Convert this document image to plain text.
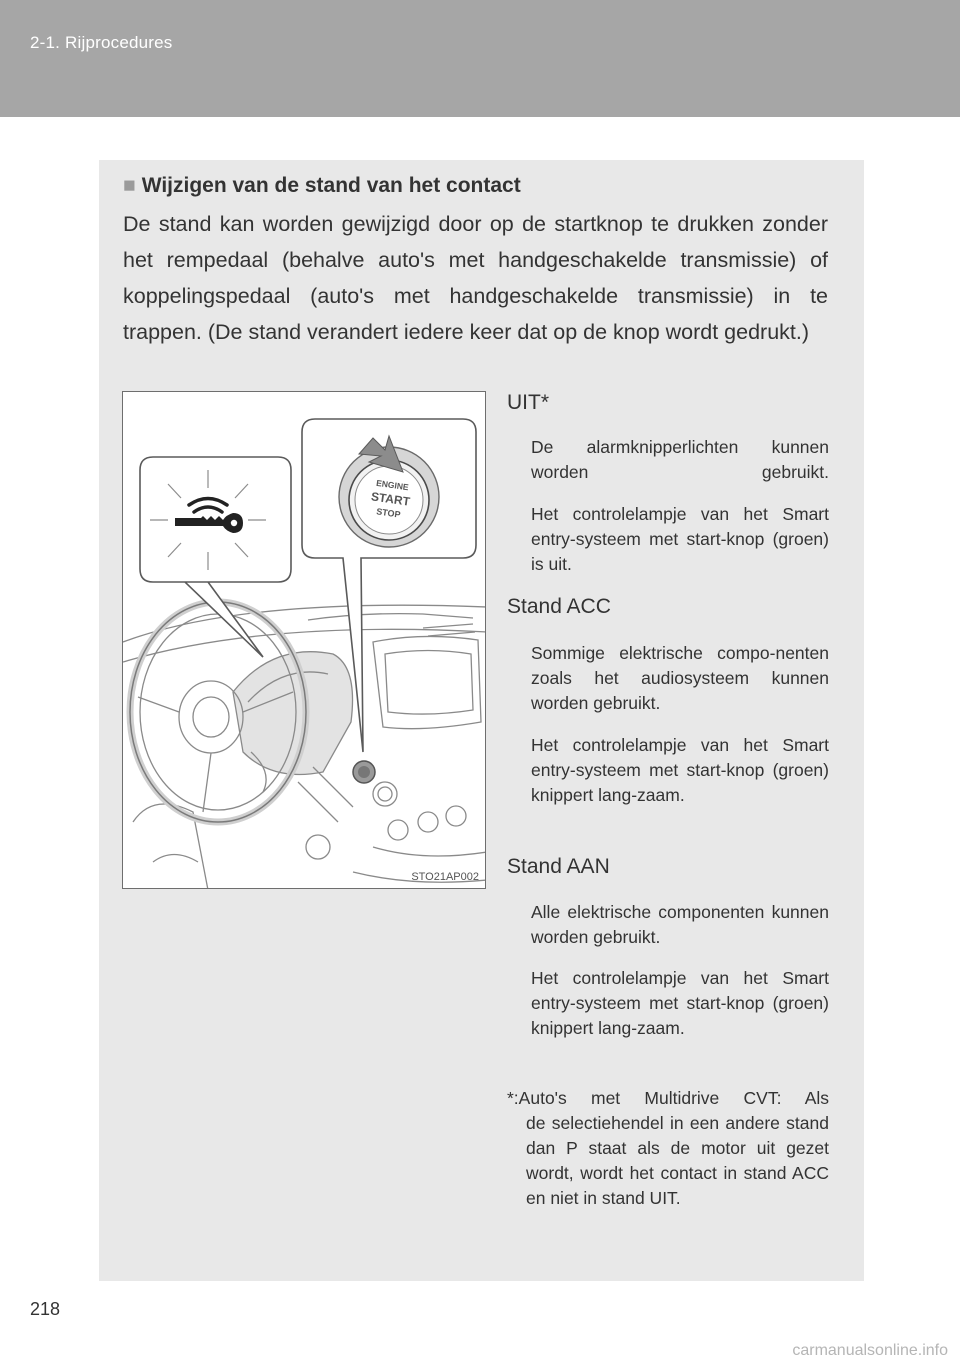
2-1. Rijprocedures
■ Wijzigen van de stand van het contact
De stand kan worden gewijzigd door op de startknop te drukken zonder het rempedaal (behalve auto's met handgeschakelde transmissie) of koppelingspedaal (auto's met handgeschakelde transmissie) in te trappen. (De stand verandert iedere keer dat op de knop wordt gedrukt.)
ENGINE
START
STOP
STO21AP002
UIT*
De alarmknipperlichten kunnen worden gebruikt.
Het controlelampje van het Smart entry-systeem met start-knop (groen) is uit.
Stand ACC
Sommige elektrische compo-nenten zoals het audiosysteem kunnen worden gebruikt.
Het controlelampje van het Smart entry-systeem met start-knop (groen) knippert lang-zaam.
Stand AAN
Alle elektrische componenten kunnen worden gebruikt.
Het controlelampje van het Smart entry-systeem met start-knop (groen) knippert lang-zaam.
*:Auto's met Multidrive CVT: Als
de selectiehendel in een andere stand dan P staat als de motor uit gezet wordt, wordt het contact in stand ACC en niet in stand UIT.
218
carmanualsonline.info
